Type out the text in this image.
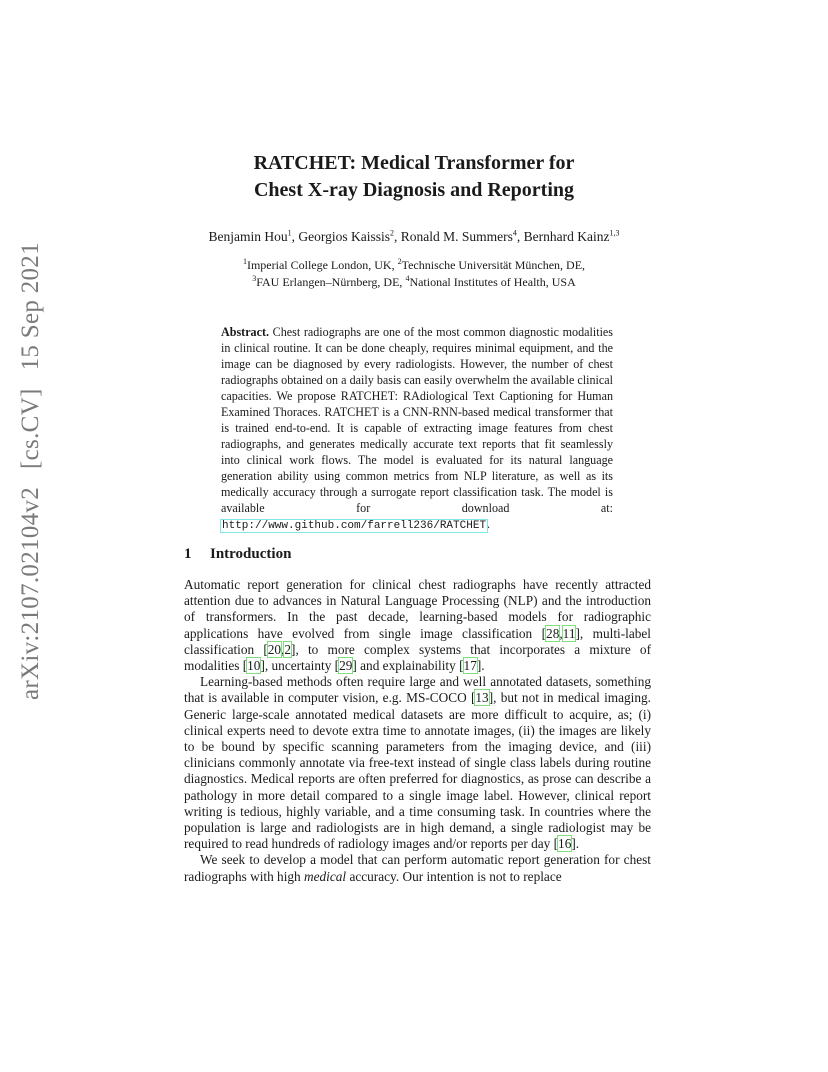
arXiv:2107.02104v2[cs.CV]15 Sep 2021
RATCHET: Medical Transformer for
Chest X-ray Diagnosis and Reporting
Benjamin Hou$^1$, Georgios Kaissis$^2$, Ronald M. Summers$^4$, Bernhard Kainz$^{1,3}$
$^1$Imperial College London, UK, $^2$Technische Universität München, DE,
$^3$FAU Erlangen–Nürnberg, DE, $^4$National Institutes of Health, USA

Abstract. Chest radiographs are one of the most common diagnostic modalities in clinical routine. It can be done cheaply, requires minimal equipment, and the image can be diagnosed by every radiologists. However, the number of chest radiographs obtained on a daily basis can easily overwhelm the available clinical capacities. We propose RATCHET: RAdiological Text Captioning for Human Examined Thoraces. RATCHET is a CNN-RNN-based medical transformer that is trained end-to-end. It is capable of extracting image features from chest radiographs, and generates medically accurate text reports that fit seamlessly into clinical work flows. The model is evaluated for its natural language generation ability using common metrics from NLP literature, as well as its medically accuracy through a surrogate report classification task. The model is available for download at: http://www.github.com/farrell236/RATCHET.

1 Introduction

Automatic report generation for clinical chest radiographs have recently attracted attention due to advances in Natural Language Processing (NLP) and the introduction of transformers. In the past decade, learning-based models for radiographic applications have evolved from single image classification [28,11], multi-label classification [20,2], to more complex systems that incorporates a mixture of modalities [10], uncertainty [29] and explainability [17].

Learning-based methods often require large and well annotated datasets, something that is available in computer vision, e.g. MS-COCO [13], but not in medical imaging. Generic large-scale annotated medical datasets are more difficult to acquire, as; (i) clinical experts need to devote extra time to annotate images, (ii) the images are likely to be bound by specific scanning parameters from the imaging device, and (iii) clinicians commonly annotate via free-text instead of single class labels during routine diagnostics. Medical reports are often preferred for diagnostics, as prose can describe a pathology in more detail compared to a single image label. However, clinical report writing is tedious, highly variable, and a time consuming task. In countries where the population is large and radiologists are in high demand, a single radiologist may be required to read hundreds of radiology images and/or reports per day [16].

We seek to develop a model that can perform automatic report generation for chest radiographs with high medical accuracy. Our intention is not to replace
